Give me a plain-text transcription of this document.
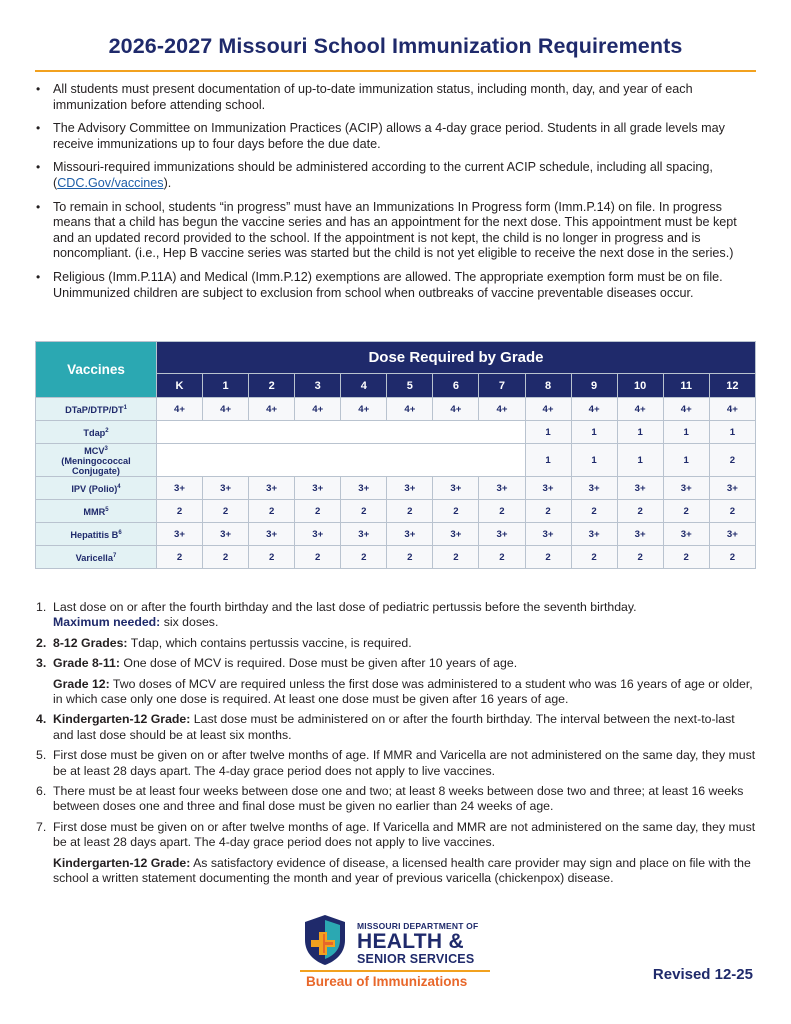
2026-2027 Missouri School Immunization Requirements
• All students must present documentation of up-to-date immunization status, including month, day, and year of each immunization before attending school.
• The Advisory Committee on Immunization Practices (ACIP) allows a 4-day grace period. Students in all grade levels may receive immunizations up to four days before the due date.
• Missouri-required immunizations should be administered according to the current ACIP schedule, including all spacing, (CDC.Gov/vaccines).
• To remain in school, students “in progress” must have an Immunizations In Progress form (Imm.P.14) on file. In progress means that a child has begun the vaccine series and has an appointment for the next dose. This appointment must be kept and an updated record provided to the school. If the appointment is not kept, the child is no longer in progress and is noncompliant. (i.e., Hep B vaccine series was started but the child is not yet eligible to receive the next dose in the series.)
• Religious (Imm.P.11A) and Medical (Imm.P.12) exemptions are allowed. The appropriate exemption form must be on file. Unimmunized children are subject to exclusion from school when outbreaks of vaccine preventable diseases occur.
Vaccines	Dose Required by Grade												
	K	1	2	3	4	5	6	7	8	9	10	11	12
DTaP/$DTP/DT^1$	4+	4+	4+	4+	4+	4+	4+	4+	4+	4+	4+	4+	4+
Tdap$^2$									1	1	1	1	1
MCV$^3$
(Meningococcal
Conjugate)									1	1	1	1	2
IPV (Polio)$^4$	3+	3+	3+	3+	3+	3+	3+	3+	3+	3+	3+	3+	3+
$MMR^5$	2	2	2	2	2	2	2	2	2	2	2	2	2
Hepatitis $B^6$	3+	3+	3+	3+	3+	3+	3+	3+	3+	3+	3+	3+	3+
Varicella$^7$	2	2	2	2	2	2	2	2	2	2	2	2	2
1. Last dose on or after the fourth birthday and the last dose of pediatric pertussis before the seventh birthday.
Maximum needed: six doses.
2. 8-12 Grades: Tdap, which contains pertussis vaccine, is required.
3. Grade 8-11: One dose of MCV is required. Dose must be given after 10 years of age.
Grade 12: Two doses of MCV are required unless the first dose was administered to a student who was 16 years of age or older, in which case only one dose is required. At least one dose must be given after 16 years of age.
4. Kindergarten-12 Grade: Last dose must be administered on or after the fourth birthday. The interval between the next-to-last and last dose should be at least six months.
5. First dose must be given on or after twelve months of age. If MMR and Varicella are not administered on the same day, they must be at least 28 days apart. The 4-day grace period does not apply to live vaccines.
6. There must be at least four weeks between dose one and two; at least 8 weeks between dose two and three; at least 16 weeks between doses one and three and final dose must be given no earlier than 24 weeks of age.
7. First dose must be given on or after twelve months of age. If Varicella and MMR are not administered on the same day, they must be at least 28 days apart. The 4-day grace period does not apply to live vaccines.
Kindergarten-12 Grade: As satisfactory evidence of disease, a licensed health care provider may sign and place on file with the school a written statement documenting the month and year of previous varicella (chickenpox) disease.
MISSOURI DEPARTMENT OF
HEALTH &
SENIOR SERVICES
Bureau of Immunizations	Revised 12-25
